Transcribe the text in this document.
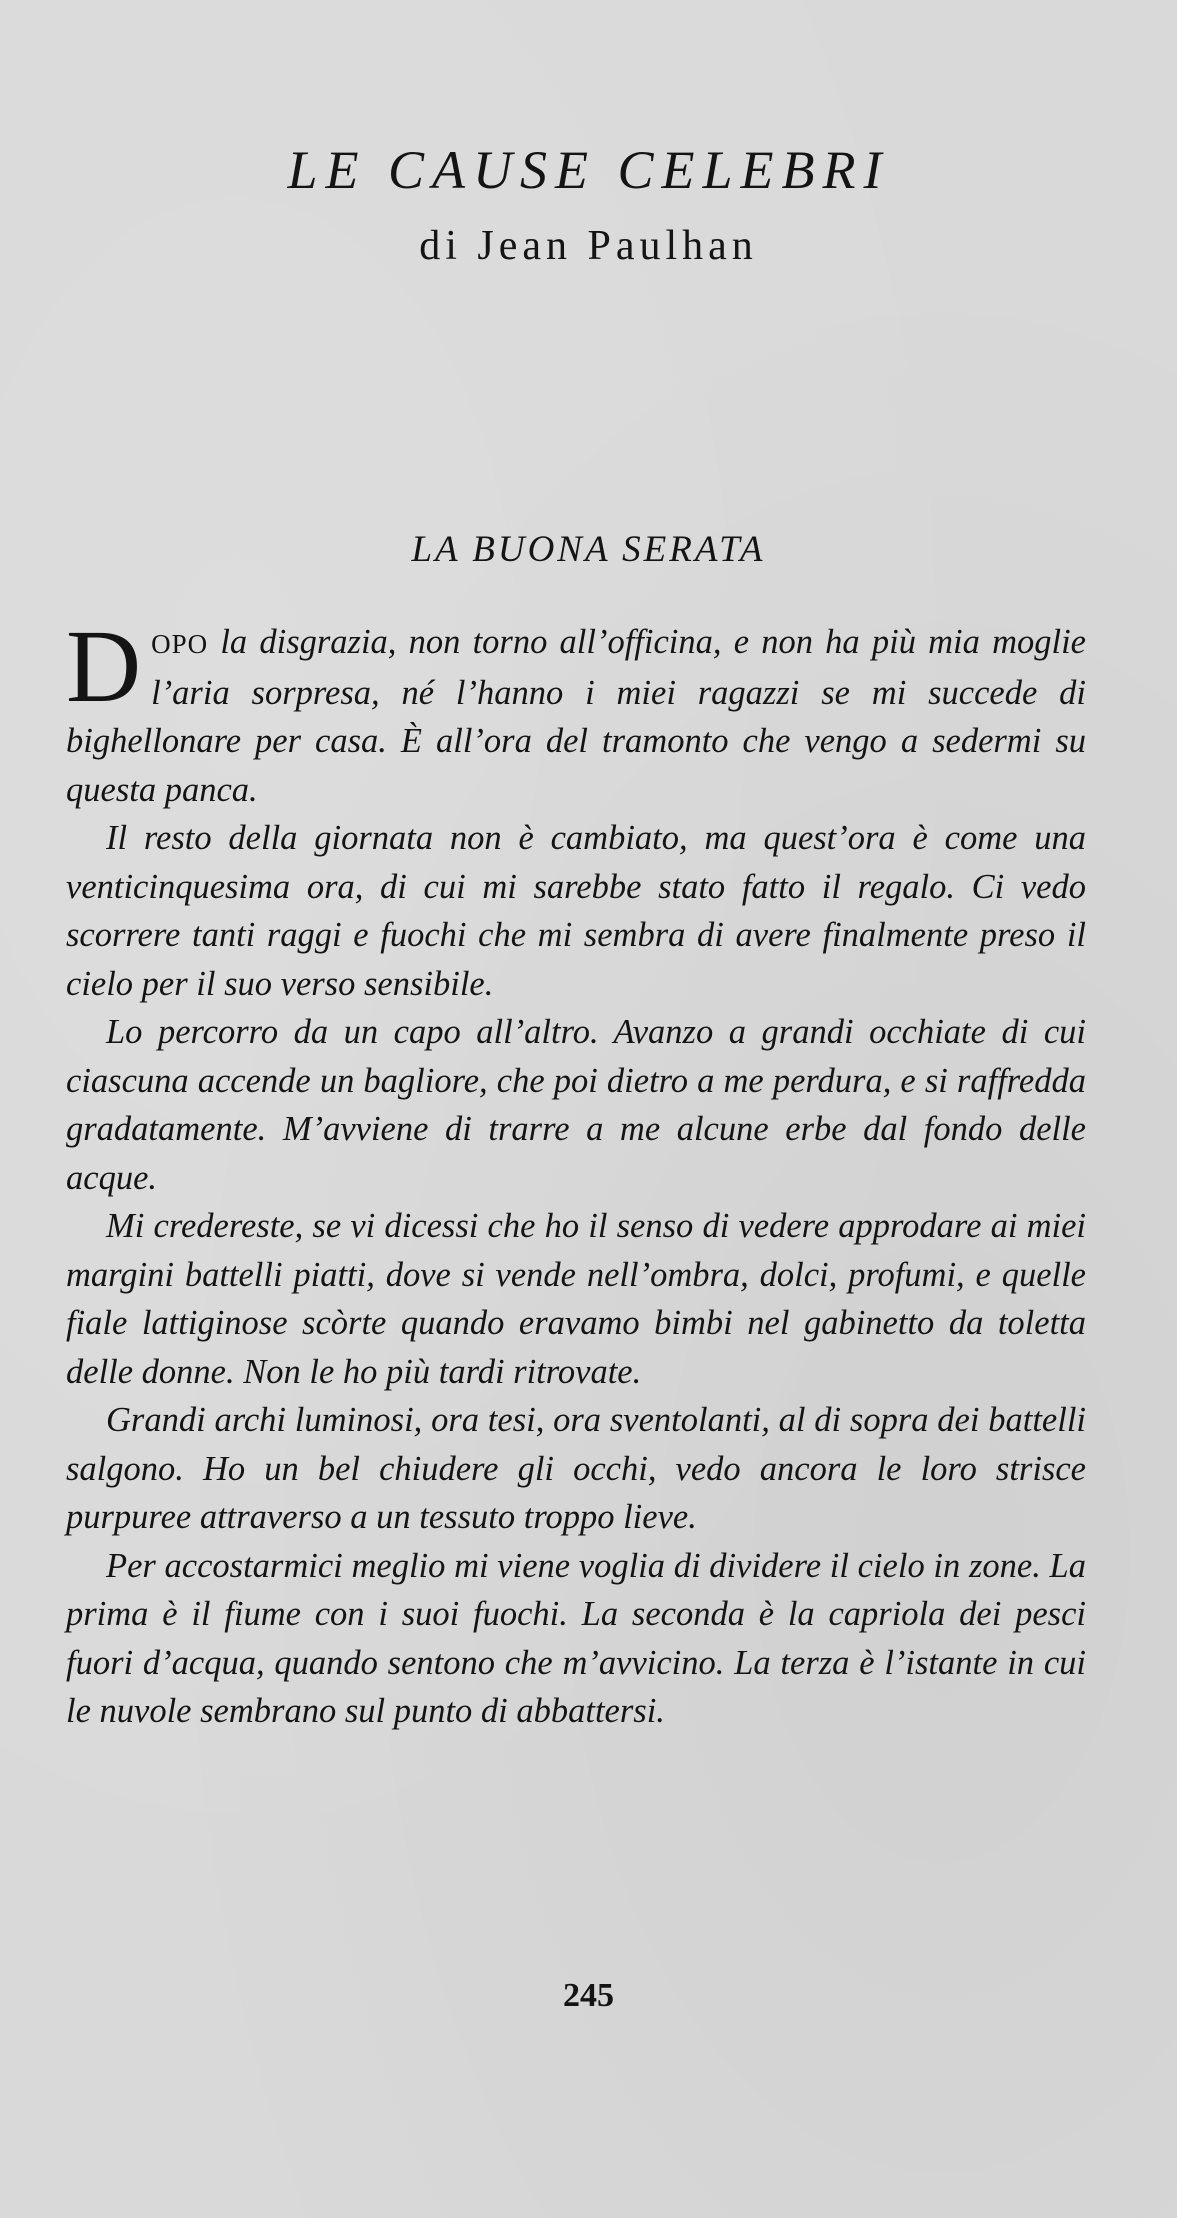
LE CAUSE CELEBRI
di Jean Paulhan
LA BUONA SERATA

DOPO la disgrazia, non torno all’officina, e non ha più mia moglie l’aria sorpresa, né l’hanno i miei ragazzi se mi succede di bighellonare per casa. È all’ora del tramonto che vengo a sedermi su questa panca.

Il resto della giornata non è cambiato, ma quest’ora è come una venticinquesima ora, di cui mi sarebbe stato fatto il regalo. Ci vedo scorrere tanti raggi e fuochi che mi sembra di avere finalmente preso il cielo per il suo verso sensibile.

Lo percorro da un capo all’altro. Avanzo a grandi occhiate di cui ciascuna accende un bagliore, che poi dietro a me perdura, e si raffredda gradatamente. M’avviene di trarre a me alcune erbe dal fondo delle acque.

Mi credereste, se vi dicessi che ho il senso di vedere approdare ai miei margini battelli piatti, dove si vende nell’ombra, dolci, profumi, e quelle fiale lattiginose scòrte quando eravamo bimbi nel gabinetto da toletta delle donne. Non le ho più tardi ritrovate.

Grandi archi luminosi, ora tesi, ora sventolanti, al di sopra dei battelli salgono. Ho un bel chiudere gli occhi, vedo ancora le loro strisce purpuree attraverso a un tessuto troppo lieve.

Per accostarmici meglio mi viene voglia di dividere il cielo in zone. La prima è il fiume con i suoi fuochi. La seconda è la capriola dei pesci fuori d’acqua, quando sentono che m’avvicino. La terza è l’istante in cui le nuvole sembrano sul punto di abbattersi.

245
